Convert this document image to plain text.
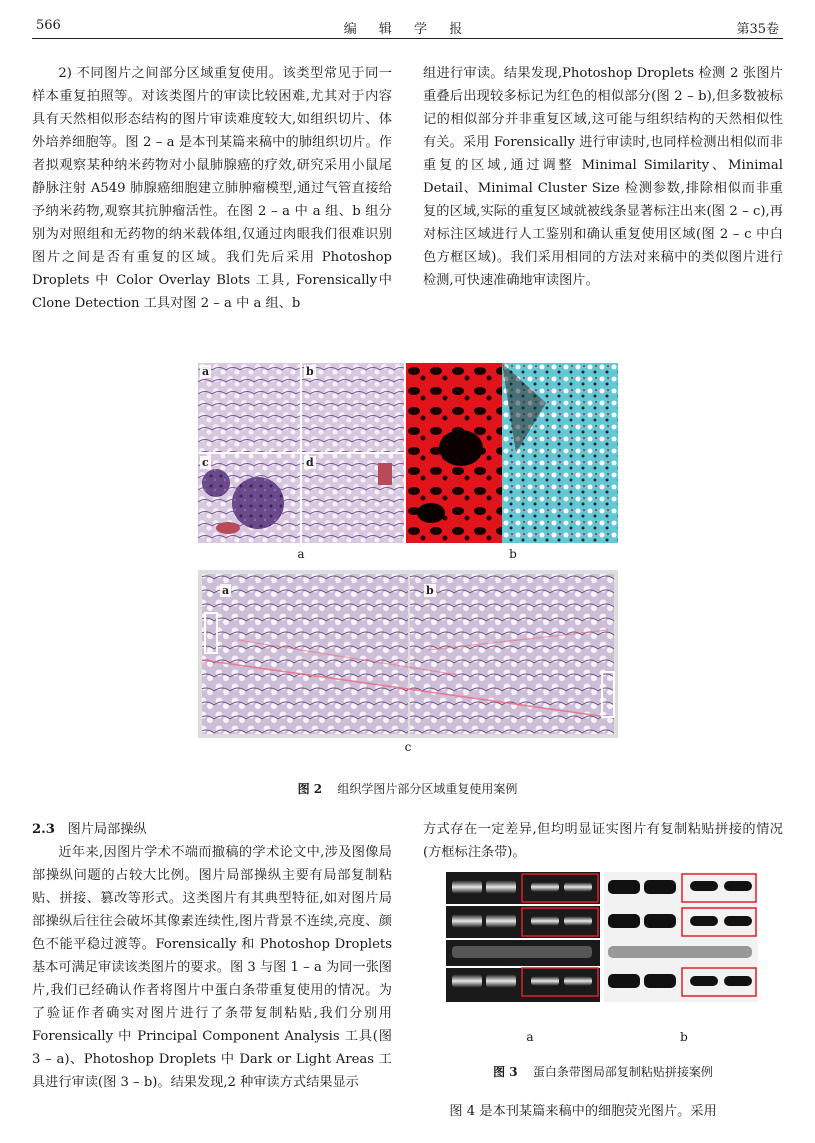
566	编 辑 学 报	第35卷

2) 不同图片之间部分区域重复使用。该类型常见于同一样本重复拍照等。对该类图片的审读比较困难,尤其对于内容具有天然相似形态结构的图片审读难度较大,如组织切片、体外培养细胞等。图 2 – a 是本刊某篇来稿中的肺组织切片。作者拟观察某种纳米药物对小鼠肺腺癌的疗效,研究采用小鼠尾静脉注射 A549 肺腺癌细胞建立肺肿瘤模型,通过气管直接给予纳米药物,观察其抗肿瘤活性。在图 2 – a 中 a 组、b 组分别为对照组和无药物的纳米载体组,仅通过肉眼我们很难识别图片之间是否有重复的区域。我们先后采用 Photoshop Droplets 中 Color Overlay Blots 工具, Forensically中 Clone Detection 工具对图 2 – a 中 a 组、b

组进行审读。结果发现,Photoshop Droplets 检测 2 张图片重叠后出现较多标记为红色的相似部分(图 2 – b),但多数被标记的相似部分并非重复区域,这可能与组织结构的天然相似性有关。采用 Forensically 进行审读时,也同样检测出相似而非重复的区域,通过调整 Minimal Similarity、Minimal Detail、Minimal Cluster Size 检测参数,排除相似而非重复的区域,实际的重复区域就被线条显著标注出来(图 2 – c),再对标注区域进行人工鉴别和确认重复使用区域(图 2 – c 中白色方框区域)。我们采用相同的方法对来稿中的类似图片进行检测,可快速准确地审读图片。

a	b
c	d
a	b
a	b
c
图 2 组织学图片部分区域重复使用案例

2.3 图片局部操纵

近年来,因图片学术不端而撤稿的学术论文中,涉及图像局部操纵问题的占较大比例。图片局部操纵主要有局部复制粘贴、拼接、篡改等形式。这类图片有其典型特征,如对图片局部操纵后往往会破坏其像素连续性,图片背景不连续,亮度、颜色不能平稳过渡等。Forensically 和 Photoshop Droplets 基本可满足审读该类图片的要求。图 3 与图 1 – a 为同一张图片,我们已经确认作者将图片中蛋白条带重复使用的情况。为了验证作者确实对图片进行了条带复制粘贴,我们分别用 Forensically 中 Principal Component Analysis 工具(图 3 – a)、Photoshop Droplets 中 Dark or Light Areas 工具进行审读(图 3 – b)。结果发现,2 种审读方式结果显示

方式存在一定差异,但均明显证实图片有复制粘贴拼接的情况(方框标注条带)。

a	b
图 3 蛋白条带图局部复制粘贴拼接案例

图 4 是本刊某篇来稿中的细胞荧光图片。采用
